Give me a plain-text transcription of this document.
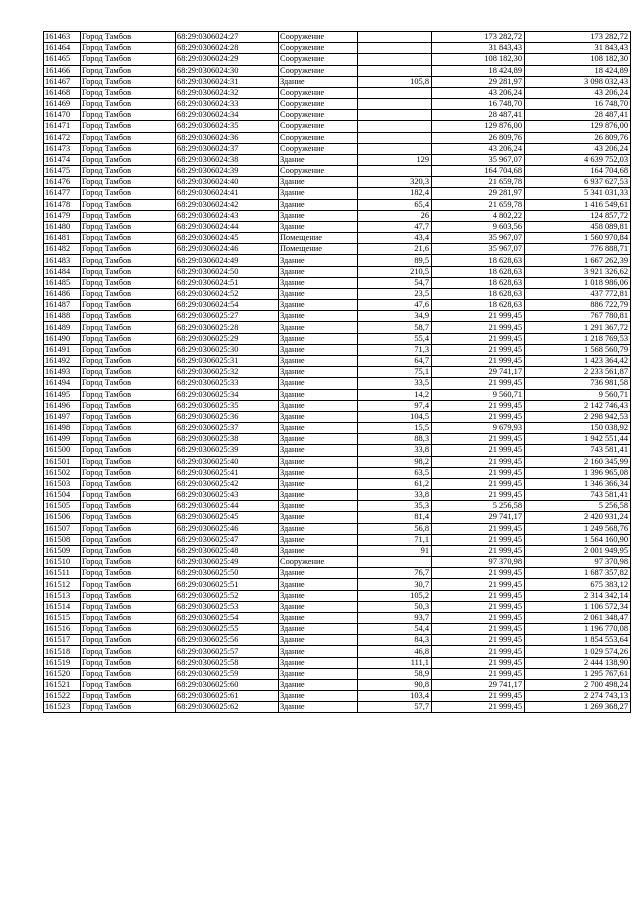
161463	Город Тамбов	68:29:0306024:27	Сооружение		173 282,72	173 282,72
161464	Город Тамбов	68:29:0306024:28	Сооружение		31 843,43	31 843,43
161465	Город Тамбов	68:29:0306024:29	Сооружение		108 182,30	108 182,30
161466	Город Тамбов	68:29:0306024:30	Сооружение		18 424,89	18 424,89
161467	Город Тамбов	68:29:0306024:31	Здание	105,8	29 281,97	3 098 032,43
161468	Город Тамбов	68:29:0306024:32	Сооружение		43 206,24	43 206,24
161469	Город Тамбов	68:29:0306024:33	Сооружение		16 748,70	16 748,70
161470	Город Тамбов	68:29:0306024:34	Сооружение		28 487,41	28 487,41
161471	Город Тамбов	68:29:0306024:35	Сооружение		129 876,00	129 876,00
161472	Город Тамбов	68:29:0306024:36	Сооружение		26 809,76	26 809,76
161473	Город Тамбов	68:29:0306024:37	Сооружение		43 206,24	43 206,24
161474	Город Тамбов	68:29:0306024:38	Здание	129	35 967,07	4 639 752,03
161475	Город Тамбов	68:29:0306024:39	Сооружение		164 704,68	164 704,68
161476	Город Тамбов	68:29:0306024:40	Здание	320,3	21 659,78	6 937 627,53
161477	Город Тамбов	68:29:0306024:41	Здание	182,4	29 281,97	5 341 031,33
161478	Город Тамбов	68:29:0306024:42	Здание	65,4	21 659,78	1 416 549,61
161479	Город Тамбов	68:29:0306024:43	Здание	26	4 802,22	124 857,72
161480	Город Тамбов	68:29:0306024:44	Здание	47,7	9 603,56	458 089,81
161481	Город Тамбов	68:29:0306024:45	Помещение	43,4	35 967,07	1 560 970,84
161482	Город Тамбов	68:29:0306024:46	Помещение	21,6	35 967,07	776 888,71
161483	Город Тамбов	68:29:0306024:49	Здание	89,5	18 628,63	1 667 262,39
161484	Город Тамбов	68:29:0306024:50	Здание	210,5	18 628,63	3 921 326,62
161485	Город Тамбов	68:29:0306024:51	Здание	54,7	18 628,63	1 018 986,06
161486	Город Тамбов	68:29:0306024:52	Здание	23,5	18 628,63	437 772,81
161487	Город Тамбов	68:29:0306024:54	Здание	47,6	18 628,63	886 722,79
161488	Город Тамбов	68:29:0306025:27	Здание	34,9	21 999,45	767 780,81
161489	Город Тамбов	68:29:0306025:28	Здание	58,7	21 999,45	1 291 367,72
161490	Город Тамбов	68:29:0306025:29	Здание	55,4	21 999,45	1 218 769,53
161491	Город Тамбов	68:29:0306025:30	Здание	71,3	21 999,45	1 568 560,79
161492	Город Тамбов	68:29:0306025:31	Здание	64,7	21 999,45	1 423 364,42
161493	Город Тамбов	68:29:0306025:32	Здание	75,1	29 741,17	2 233 561,87
161494	Город Тамбов	68:29:0306025:33	Здание	33,5	21 999,45	736 981,58
161495	Город Тамбов	68:29:0306025:34	Здание	14,2	9 560,71	9 560,71
161496	Город Тамбов	68:29:0306025:35	Здание	97,4	21 999,45	2 142 746,43
161497	Город Тамбов	68:29:0306025:36	Здание	104,5	21 999,45	2 298 942,53
161498	Город Тамбов	68:29:0306025:37	Здание	15,5	9 679,93	150 038,92
161499	Город Тамбов	68:29:0306025:38	Здание	88,3	21 999,45	1 942 551,44
161500	Город Тамбов	68:29:0306025:39	Здание	33,8	21 999,45	743 581,41
161501	Город Тамбов	68:29:0306025:40	Здание	98,2	21 999,45	2 160 345,99
161502	Город Тамбов	68:29:0306025:41	Здание	63,5	21 999,45	1 396 965,08
161503	Город Тамбов	68:29:0306025:42	Здание	61,2	21 999,45	1 346 366,34
161504	Город Тамбов	68:29:0306025:43	Здание	33,8	21 999,45	743 581,41
161505	Город Тамбов	68:29:0306025:44	Здание	35,3	5 256,58	5 256,58
161506	Город Тамбов	68:29:0306025:45	Здание	81,4	29 741,17	2 420 931,24
161507	Город Тамбов	68:29:0306025:46	Здание	56,8	21 999,45	1 249 568,76
161508	Город Тамбов	68:29:0306025:47	Здание	71,1	21 999,45	1 564 160,90
161509	Город Тамбов	68:29:0306025:48	Здание	91	21 999,45	2 001 949,95
161510	Город Тамбов	68:29:0306025:49	Сооружение		97 370,98	97 370,98
161511	Город Тамбов	68:29:0306025:50	Здание	76,7	21 999,45	1 687 357,82
161512	Город Тамбов	68:29:0306025:51	Здание	30,7	21 999,45	675 383,12
161513	Город Тамбов	68:29:0306025:52	Здание	105,2	21 999,45	2 314 342,14
161514	Город Тамбов	68:29:0306025:53	Здание	50,3	21 999,45	1 106 572,34
161515	Город Тамбов	68:29:0306025:54	Здание	93,7	21 999,45	2 061 348,47
161516	Город Тамбов	68:29:0306025:55	Здание	54,4	21 999,45	1 196 770,08
161517	Город Тамбов	68:29:0306025:56	Здание	84,3	21 999,45	1 854 553,64
161518	Город Тамбов	68:29:0306025:57	Здание	46,8	21 999,45	1 029 574,26
161519	Город Тамбов	68:29:0306025:58	Здание	111,1	21 999,45	2 444 138,90
161520	Город Тамбов	68:29:0306025:59	Здание	58,9	21 999,45	1 295 767,61
161521	Город Тамбов	68:29:0306025:60	Здание	90,8	29 741,17	2 700 498,24
161522	Город Тамбов	68:29:0306025:61	Здание	103,4	21 999,45	2 274 743,13
161523	Город Тамбов	68:29:0306025:62	Здание	57,7	21 999,45	1 269 368,27
